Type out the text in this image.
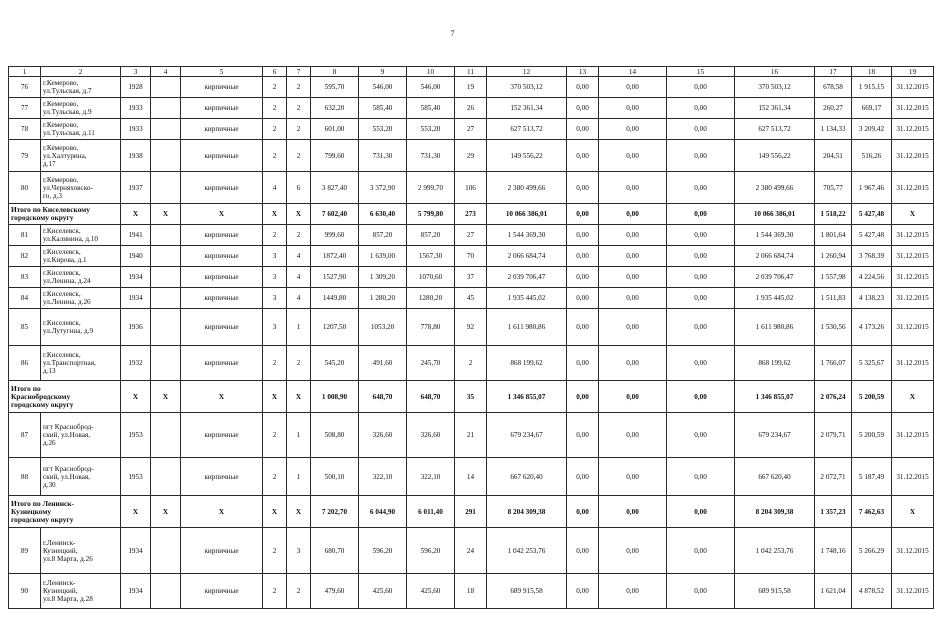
7
1	2	3	4	5	6	7	8	9	10	11	12	13	14	15	16	17	18	19
76	г.Кемерово,
ул.Тульская, д.7	1928		кирпичные	2	2	595,70	546,00	546,00	19	370 503,12	0,00	0,00	0,00	370 503,12	678,58	1 915,15	31.12.2015
77	г.Кемерово,
ул.Тульская, д.9	1933		кирпичные	2	2	632,20	585,40	585,40	26	152 361,34	0,00	0,00	0,00	152 361,34	260,27	669,17	31.12.2015
78	г.Кемерово,
ул.Тульская, д.11	1933		кирпичные	2	2	601,00	553,20	553,20	27	627 513,72	0,00	0,00	0,00	627 513,72	1 134,33	3 209,42	31.12.2015
79	г.Кемерово,
ул.Халтурина,
д.17	1938		кирпичные	2	2	799,60	731,30	731,30	29	149 556,22	0,00	0,00	0,00	149 556,22	204,51	516,26	31.12.2015
80	г.Кемерово,
ул.Черняховско-
го, д.3	1937		кирпичные	4	6	3 827,40	3 372,90	2 999,70	106	2 380 499,66	0,00	0,00	0,00	2 380 499,66	705,77	1 967,46	31.12.2015
Итого по Киселевскому
городскому округу		X	X	X	X	X	7 602,40	6 630,40	5 799,80	273	10 066 386,01	0,00	0,00	0,00	10 066 386,01	1 518,22	5 427,48	X
81	г.Киселевск,
ул.Калинина, д.10	1941		кирпичные	2	2	999,60	857,20	857,20	27	1 544 369,30	0,00	0,00	0,00	1 544 369,30	1 801,64	5 427,48	31.12.2015
82	г.Киселевск,
ул.Кирова, д.1	1940		кирпичные	3	4	1872,40	1 639,00	1567,30	70	2 066 684,74	0,00	0,00	0,00	2 066 684,74	1 260,94	3 768,39	31.12.2015
83	г.Киселевск,
ул.Ленина, д.24	1934		кирпичные	3	4	1527,90	1 309,20	1070,60	37	2 039 706,47	0,00	0,00	0,00	2 039 706,47	1 557,98	4 224,56	31.12.2015
84	г.Киселевск,
ул.Ленина, д.26	1934		кирпичные	3	4	1449,80	1 280,20	1280,20	45	1 935 445,02	0,00	0,00	0,00	1 935 445,02	1 511,83	4 138,23	31.12.2015
85	г.Киселевск,
ул.Лутугина, д.9	1936		кирпичные	3	1	1207,50	1053,20	778,80	92	1 611 980,86	0,00	0,00	0,00	1 611 980,86	1 530,56	4 173,26	31.12.2015
86	г.Киселевск,
ул.Транспортная,
д.13	1932		кирпичные	2	2	545,20	491,60	245,70	2	868 199,62	0,00	0,00	0,00	868 199,62	1 766,07	5 325,67	31.12.2015
Итого по
Краснобродскому
городскому округу		X	X	X	X	X	1 008,90	648,70	648,70	35	1 346 855,07	0,00	0,00	0,00	1 346 855,07	2 076,24	5 200,59	X
87	пгт Красноброд-
ский, ул.Новая,
д.26	1953		кирпичные	2	1	508,80	326,60	326,60	21	679 234,67	0,00	0,00	0,00	679 234,67	2 079,71	5 200,59	31.12.2015
88	пгт Красноброд-
ский, ул.Новая,
д.30	1953		кирпичные	2	1	500,10	322,10	322,10	14	667 620,40	0,00	0,00	0,00	667 620,40	2 072,71	5 187,49	31.12.2015
Итого по Ленинск-
Кузнецкому
городскому округу		X	X	X	X	X	7 202,70	6 044,90	6 011,40	291	8 204 309,38	0,00	0,00	0,00	8 204 309,38	1 357,23	7 462,63	X
89	г.Ленинск-
Кузнецкий,
ул.8 Марта, д.26	1934		кирпичные	2	3	680,70	596,20	596,20	24	1 042 253,76	0,00	0,00	0,00	1 042 253,76	1 748,16	5 266,29	31.12.2015
90	г.Ленинск-
Кузнецкий,
ул.8 Марта, д.28	1934		кирпичные	2	2	479,60	425,60	425,60	18	689 915,58	0,00	0,00	0,00	689 915,58	1 621,04	4 878,52	31.12.2015
